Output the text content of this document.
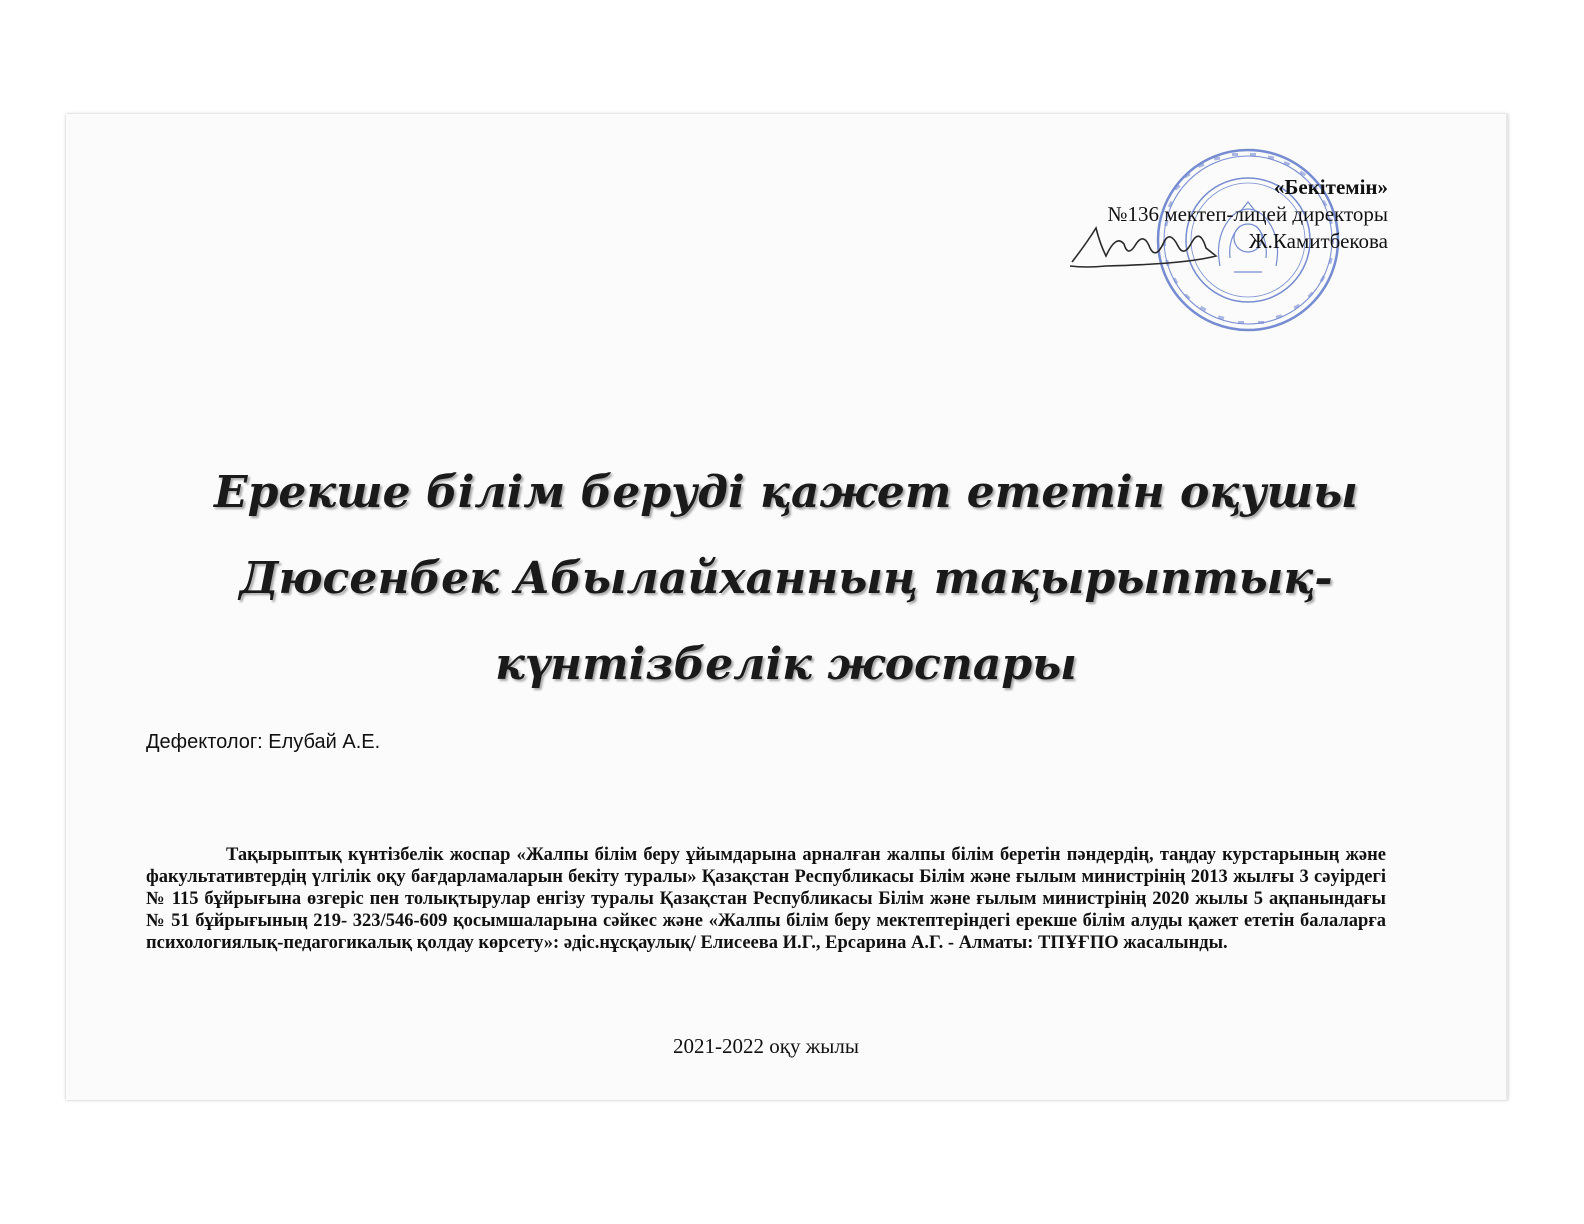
«Бекітемін»
№136 мектеп-лицей директоры
Ж.Камитбекова
Ерекше білім беруді қажет ететін оқушы
Дюсенбек Абылайханның тақырыптық-
күнтізбелік жоспары
Дефектолог: Елубай А.Е.
Тақырыптық күнтізбелік жоспар «Жалпы білім беру ұйымдарына арналған жалпы білім беретін пәндердің, таңдау курстарының және факультативтердің үлгілік оқу бағдарламаларын бекіту туралы» Қазақстан Республикасы Білім және ғылым министрінің 2013 жылғы 3 сәуірдегі № 115 бұйрығына өзгеріс пен толықтырулар енгізу туралы Қазақстан Республикасы Білім және ғылым министрінің 2020 жылы 5 ақпанындағы № 51 бұйрығының 219- 323/546-609 қосымшаларына сәйкес және «Жалпы білім беру мектептеріндегі ерекше білім алуды қажет ететін балаларға психологиялық-педагогикалық қолдау көрсету»: әдіс.нұсқаулық/ Елисеева И.Г., Ерсарина А.Г. - Алматы: ТПҰҒПО жасалынды.
2021-2022 оқу жылы
